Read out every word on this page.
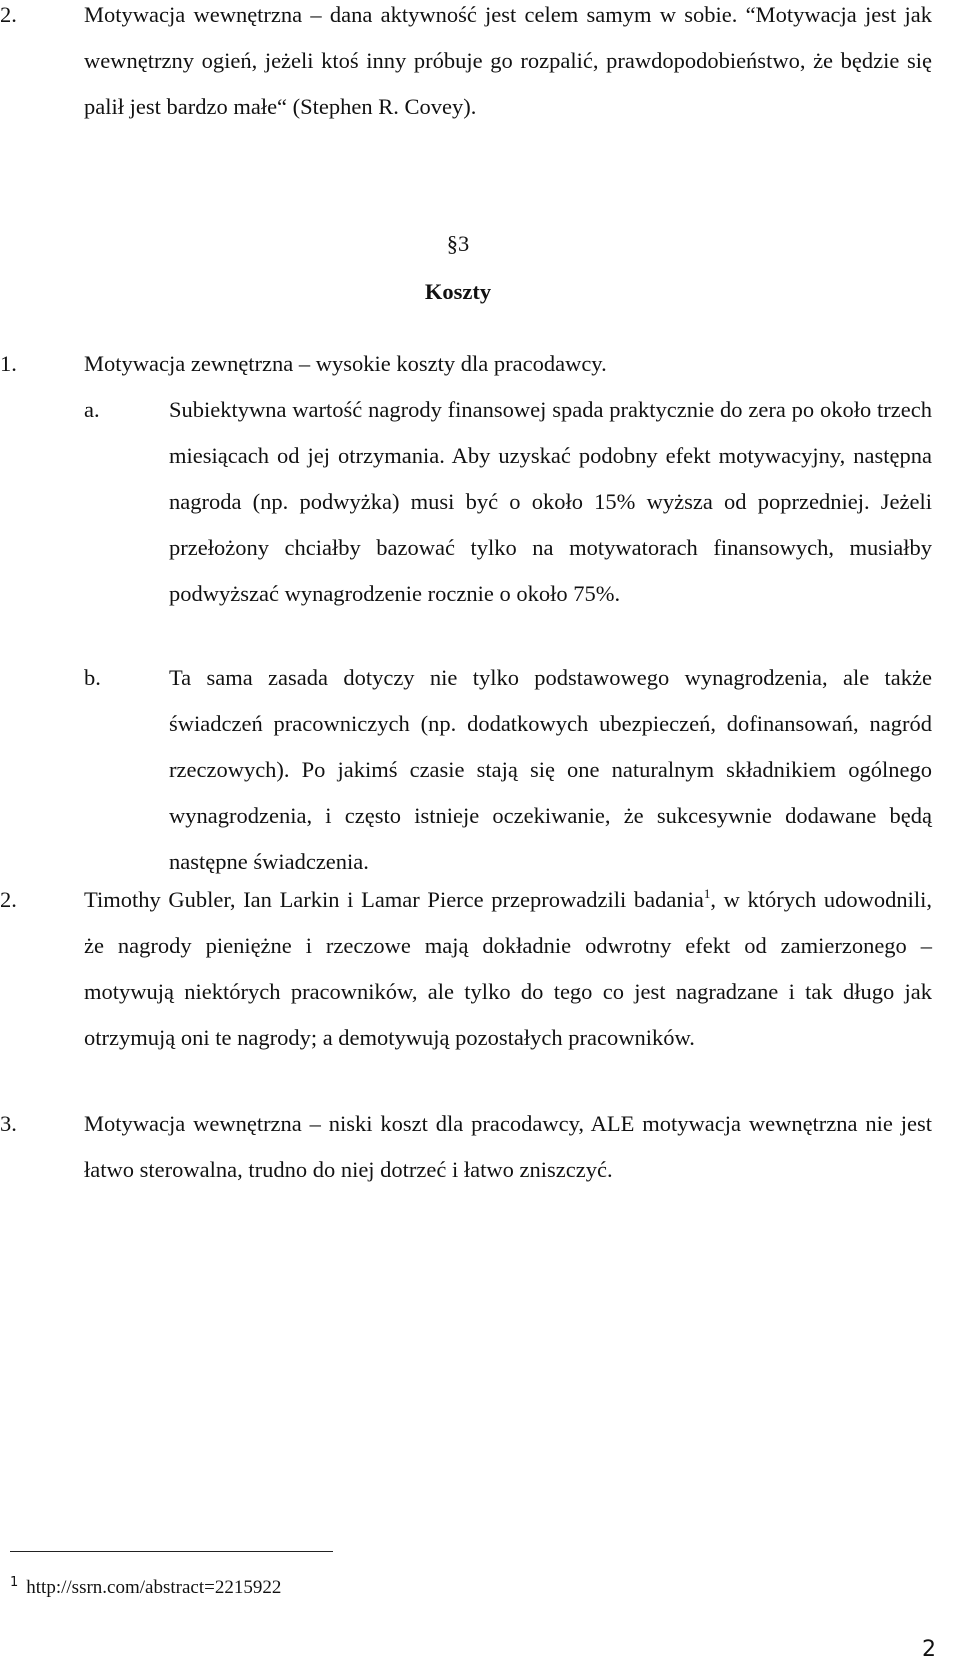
2.	Motywacja wewnętrzna – dana aktywność jest celem samym w sobie. “Motywacja jest jak wewnętrzny ogień, jeżeli ktoś inny próbuje go rozpalić, prawdopodobieństwo, że będzie się palił jest bardzo małe“ (Stephen R. Covey).

§3
Koszty

1.	Motywacja zewnętrzna – wysokie koszty dla pracodawcy.

a.	Subiektywna wartość nagrody finansowej spada praktycznie do zera po około trzech miesiącach od jej otrzymania. Aby uzyskać podobny efekt motywacyjny, następna nagroda (np. podwyżka) musi być o około 15% wyższa od poprzedniej. Jeżeli przełożony chciałby bazować tylko na motywatorach finansowych, musiałby podwyższać wynagrodzenie rocznie o około 75%.

b.	Ta sama zasada dotyczy nie tylko podstawowego wynagrodzenia, ale także świadczeń pracowniczych (np. dodatkowych ubezpieczeń, dofinansowań, nagród rzeczowych). Po jakimś czasie stają się one naturalnym składnikiem ogólnego wynagrodzenia, i często istnieje oczekiwanie, że sukcesywnie dodawane będą następne świadczenia.

2.	Timothy Gubler, Ian Larkin i Lamar Pierce przeprowadzili badania$^1$, w których udowodnili, że nagrody pieniężne i rzeczowe mają dokładnie odwrotny efekt od zamierzonego – motywują niektórych pracowników, ale tylko do tego co jest nagradzane i tak długo jak otrzymują oni te nagrody; a demotywują pozostałych pracowników.

3.	Motywacja wewnętrzna – niski koszt dla pracodawcy, ALE motywacja wewnętrzna nie jest łatwo sterowalna, trudno do niej dotrzeć i łatwo zniszczyć.

$^1$ http://ssrn.com/abstract=2215922
2
